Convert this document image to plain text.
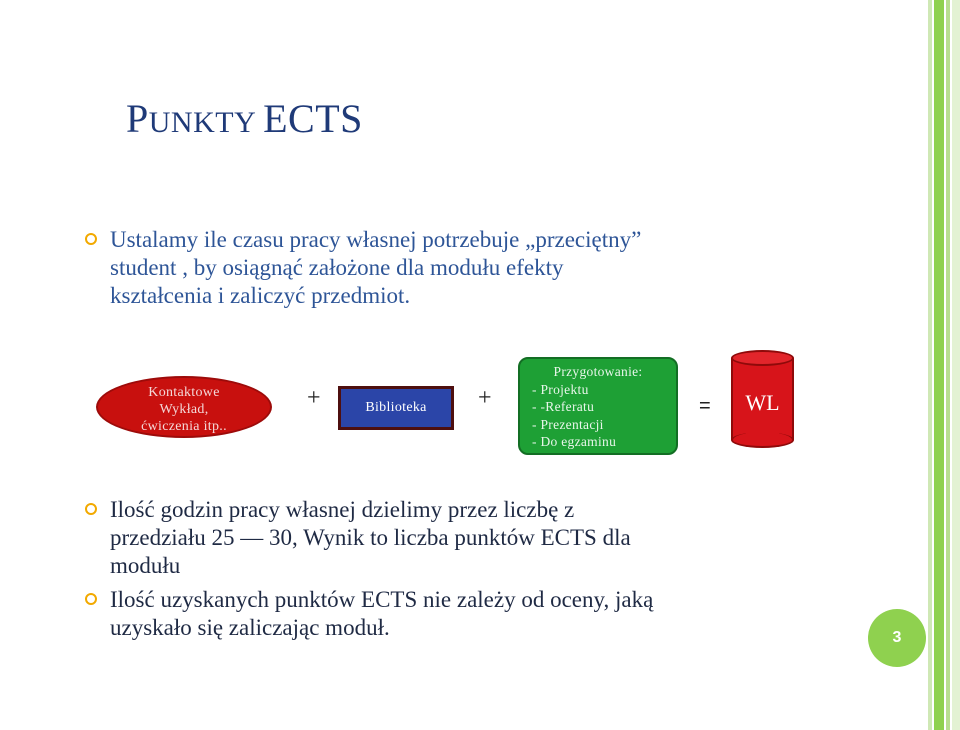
PUNKTY ECTS

Ustalamy ile czasu pracy własnej potrzebuje „przeciętny”
student , by osiągnąć założone dla modułu efekty
kształcenia i zaliczyć przedmiot.

Kontaktowe
Wykład,
ćwiczenia itp..
+	Biblioteka +
Przygotowanie:
- Projektu
- -Referatu
- Prezentacji
- Do egzaminu
=	WL

Ilość godzin pracy własnej dzielimy przez liczbę z
przedziału 25 — 30, Wynik to liczba punktów ECTS dla
modułu

Ilość uzyskanych punktów ECTS nie zależy od oceny, jaką
uzyskało się zaliczając moduł.	3
